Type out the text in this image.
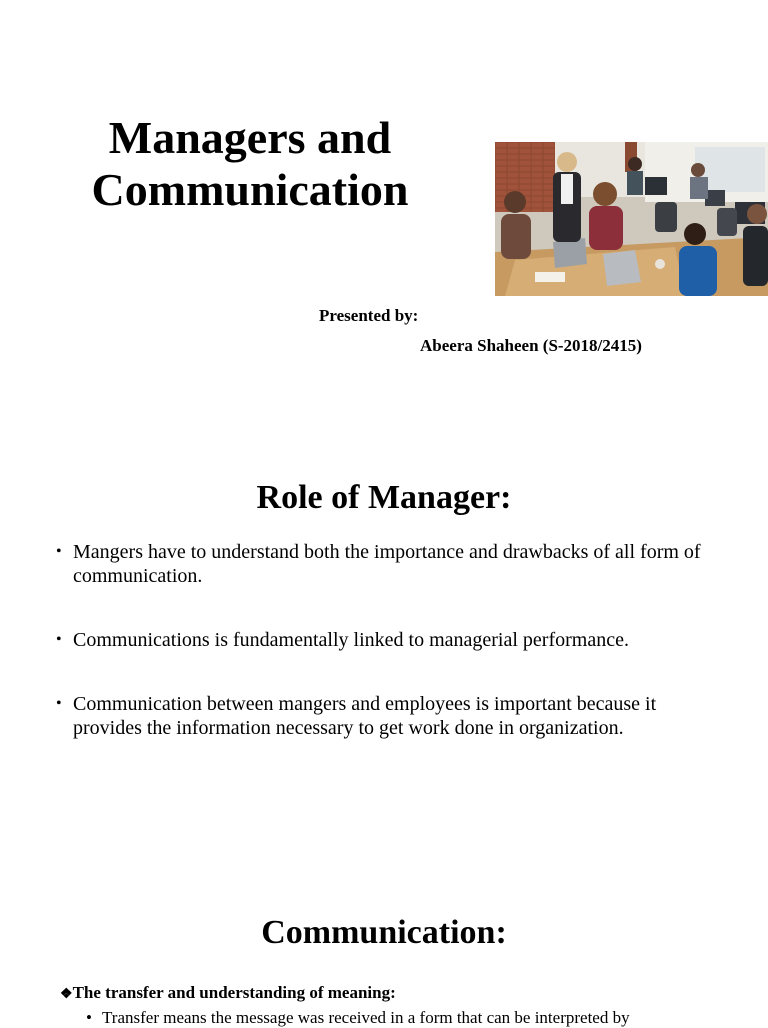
Managers and
Communication

Presented by:

Abeera Shaheen (S-2018/2415)

Role of Manager:
• Mangers have to understand both the importance and drawbacks of all form of communication.
• Communications is fundamentally linked to managerial performance.
• Communication between mangers and employees is important because it provides the information necessary to get work done in organization.
Communication:

❖The transfer and understanding of meaning:

• Transfer means the message was received in a form that can be interpreted by
